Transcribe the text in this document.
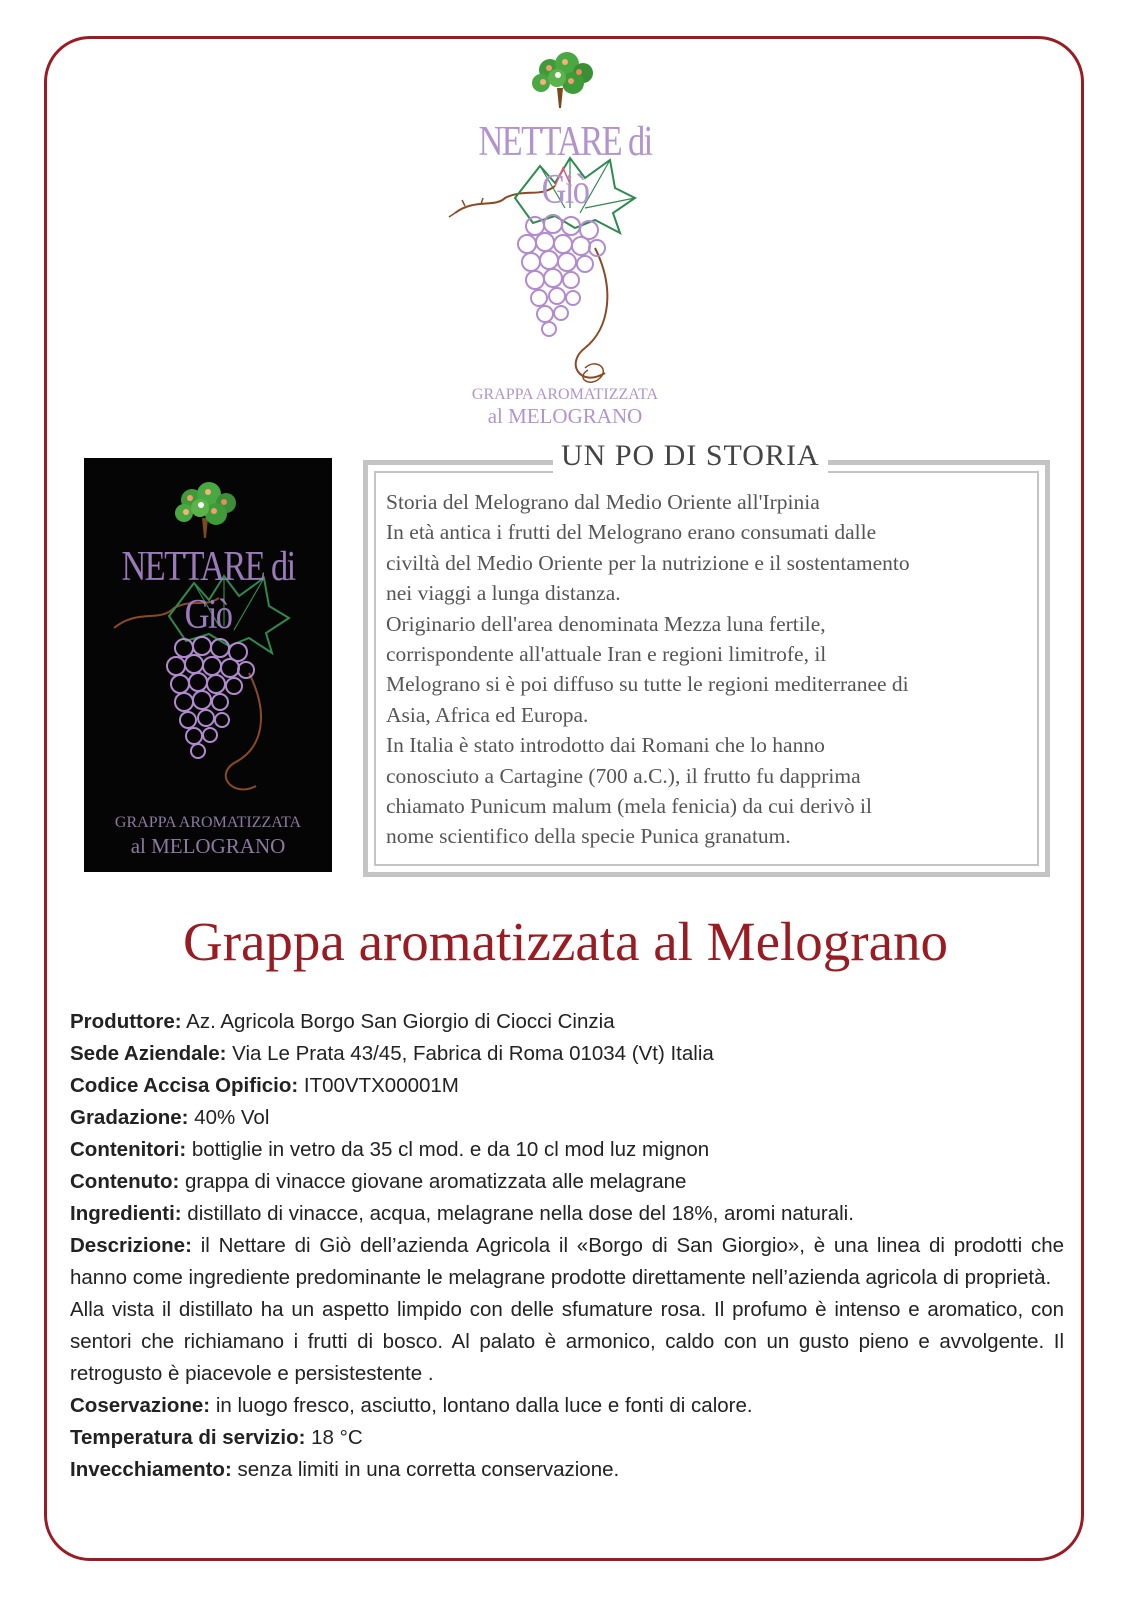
NETTARE di Giò
GRAPPA AROMATIZZATA
al MELOGRANO
NETTARE di Giò
GRAPPA AROMATIZZATA
al MELOGRANO
UN PO DI STORIA

Storia del Melograno dal Medio Oriente all'Irpinia

In età antica i frutti del Melograno erano consumati dalle

civiltà del Medio Oriente per la nutrizione e il sostentamento

nei viaggi a lunga distanza.

Originario dell'area denominata Mezza luna fertile,

corrispondente all'attuale Iran e regioni limitrofe, il

Melograno si è poi diffuso su tutte le regioni mediterranee di

Asia, Africa ed Europa.

In Italia è stato introdotto dai Romani che lo hanno

conosciuto a Cartagine (700 a.C.), il frutto fu dapprima

chiamato Punicum malum (mela fenicia) da cui derivò il

nome scientifico della specie Punica granatum.

Grappa aromatizzata al Melograno

Produttore: Az. Agricola Borgo San Giorgio di Ciocci Cinzia

Sede Aziendale: Via Le Prata 43/45, Fabrica di Roma 01034 (Vt) Italia

Codice Accisa Opificio: IT00VTX00001M

Gradazione: 40% Vol

Contenitori: bottiglie in vetro da 35 cl mod. e da 10 cl mod luz mignon

Contenuto: grappa di vinacce giovane aromatizzata alle melagrane

Ingredienti: distillato di vinacce, acqua, melagrane nella dose del 18%, aromi naturali.

Descrizione: il Nettare di Giò dell’azienda Agricola il «Borgo di San Giorgio», è una linea di prodotti che hanno come ingrediente predominante le melagrane prodotte direttamente nell’azienda agricola di proprietà.

Alla vista il distillato ha un aspetto limpido con delle sfumature rosa. Il profumo è intenso e aromatico, con sentori che richiamano i frutti di bosco. Al palato è armonico, caldo con un gusto pieno e avvolgente. Il retrogusto è piacevole e persistestente .

Coservazione: in luogo fresco, asciutto, lontano dalla luce e fonti di calore.

Temperatura di servizio: 18 °C

Invecchiamento: senza limiti in una corretta conservazione.
